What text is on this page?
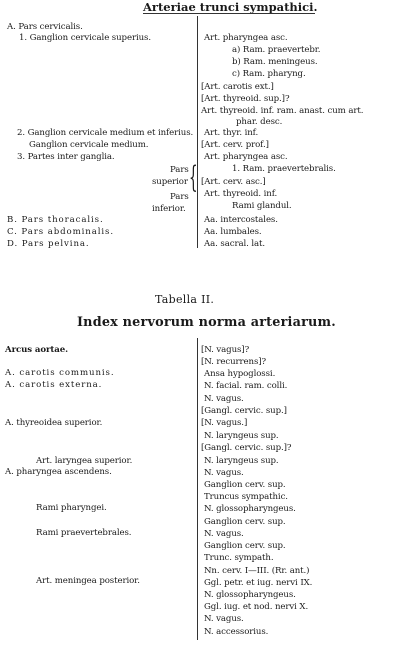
Arteriae trunci sympathici.
A. Pars cervicalis.
1. Ganglion cervicale superius.
2. Ganglion cervicale medium et inferius.
Ganglion cervicale medium.
3. Partes inter ganglia.
Pars
superior
Pars
inferior.
{
B. Pars thoracalis.
C. Pars abdominalis.
D. Pars pelvina.
Art. pharyngea asc.
a) Ram. praevertebr.
b) Ram. meningeus.
c) Ram. pharyng.
[Art. carotis ext.]
[Art. thyreoid. sup.]?
Art. thyreoid. inf. ram. anast. cum art.
phar. desc.
Art. thyr. inf.
[Art. cerv. prof.]
Art. pharyngea asc.
1. Ram. praevertebralis.
[Art. cerv. asc.]
Art. thyreoid. inf.
Rami glandul.
Aa. intercostales.
Aa. lumbales.
Aa. sacral. lat.
Tabella II.
Index nervorum norma arteriarum.
Arcus aortae.
A. carotis communis.
A. carotis externa.
A. thyreoidea superior.
Art. laryngea superior.
A. pharyngea ascendens.
Rami pharyngei.
Rami praevertebrales.
Art. meningea posterior.
[N. vagus]?
[N. recurrens]?
Ansa hypoglossi.
N. facial. ram. colli.
N. vagus.
[Gangl. cervic. sup.]
[N. vagus.]
N. laryngeus sup.
[Gangl. cervic. sup.]?
N. laryngeus sup.
N. vagus.
Ganglion cerv. sup.
Truncus sympathic.
N. glossopharyngeus.
Ganglion cerv. sup.
N. vagus.
Ganglion cerv. sup.
Trunc. sympath.
Nn. cerv. I—III. (Rr. ant.)
Ggl. petr. et iug. nervi IX.
N. glossopharyngeus.
Ggl. iug. et nod. nervi X.
N. vagus.
N. accessorius.
